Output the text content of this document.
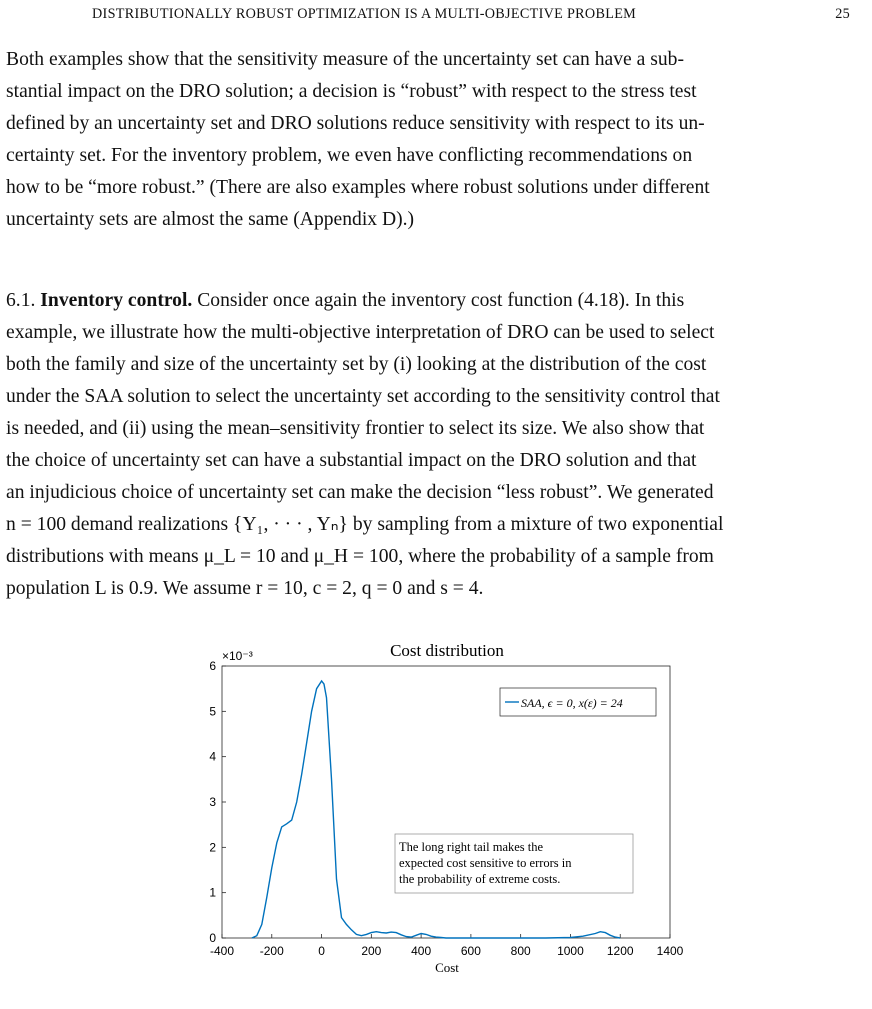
DISTRIBUTIONALLY ROBUST OPTIMIZATION IS A MULTI-OBJECTIVE PROBLEM	25

Both examples show that the sensitivity measure of the uncertainty set can have a sub-

stantial impact on the DRO solution; a decision is “robust” with respect to the stress test

defined by an uncertainty set and DRO solutions reduce sensitivity with respect to its un-

certainty set. For the inventory problem, we even have conflicting recommendations on

how to be “more robust.” (There are also examples where robust solutions under different

uncertainty sets are almost the same (Appendix D).)

6.1. Inventory control. Consider once again the inventory cost function (4.18). In this

example, we illustrate how the multi-objective interpretation of DRO can be used to select

both the family and size of the uncertainty set by (i) looking at the distribution of the cost

under the SAA solution to select the uncertainty set according to the sensitivity control that

is needed, and (ii) using the mean–sensitivity frontier to select its size. We also show that

the choice of uncertainty set can have a substantial impact on the DRO solution and that

an injudicious choice of uncertainty set can make the decision “less robust”. We generated

n = 100 demand realizations {Y₁, · · · , Yₙ} by sampling from a mixture of two exponential

distributions with means μ_L = 10 and μ_H = 100, where the probability of a sample from

population L is 0.9. We assume r = 10, c = 2, q = 0 and s = 4.

Cost distribution
×10⁻³
-400 -200	0	200 400 600 800 1000 1200 1400
0
1
2
3
4
5
6
SAA, ϵ = 0, x(ε) = 24
The long right tail makes the
expected cost sensitive to errors in
the probability of extreme costs.
Cost
